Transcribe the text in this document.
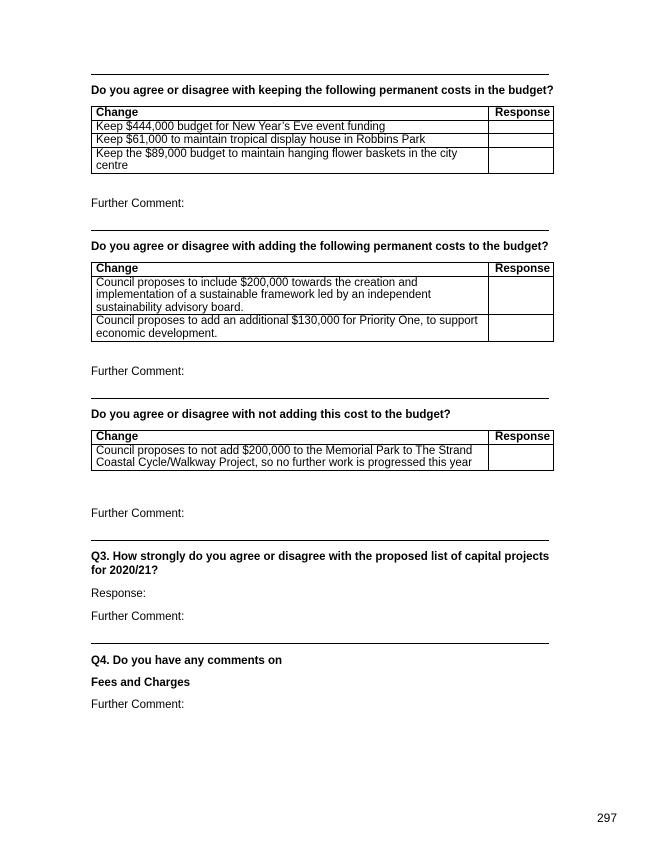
Do you agree or disagree with keeping the following permanent costs in the budget?
Change	Response
Keep $444,000 budget for New Year’s Eve event funding	
Keep $61,000 to maintain tropical display house in Robbins Park	
Keep the $89,000 budget to maintain hanging flower baskets in the city centre	
Further Comment:
Do you agree or disagree with adding the following permanent costs to the budget?
Change	Response
Council proposes to include $200,000 towards the creation and implementation of a sustainable framework led by an independent sustainability advisory board.	
Council proposes to add an additional $130,000 for Priority One, to support economic development.	
Further Comment:
Do you agree or disagree with not adding this cost to the budget?
Change	Response
Council proposes to not add $200,000 to the Memorial Park to The Strand Coastal Cycle/Walkway Project, so no further work is progressed this year	
Further Comment:
Q3. How strongly do you agree or disagree with the proposed list of capital projects for 2020/21?
Response:
Further Comment:
Q4. Do you have any comments on
Fees and Charges
Further Comment:
297
